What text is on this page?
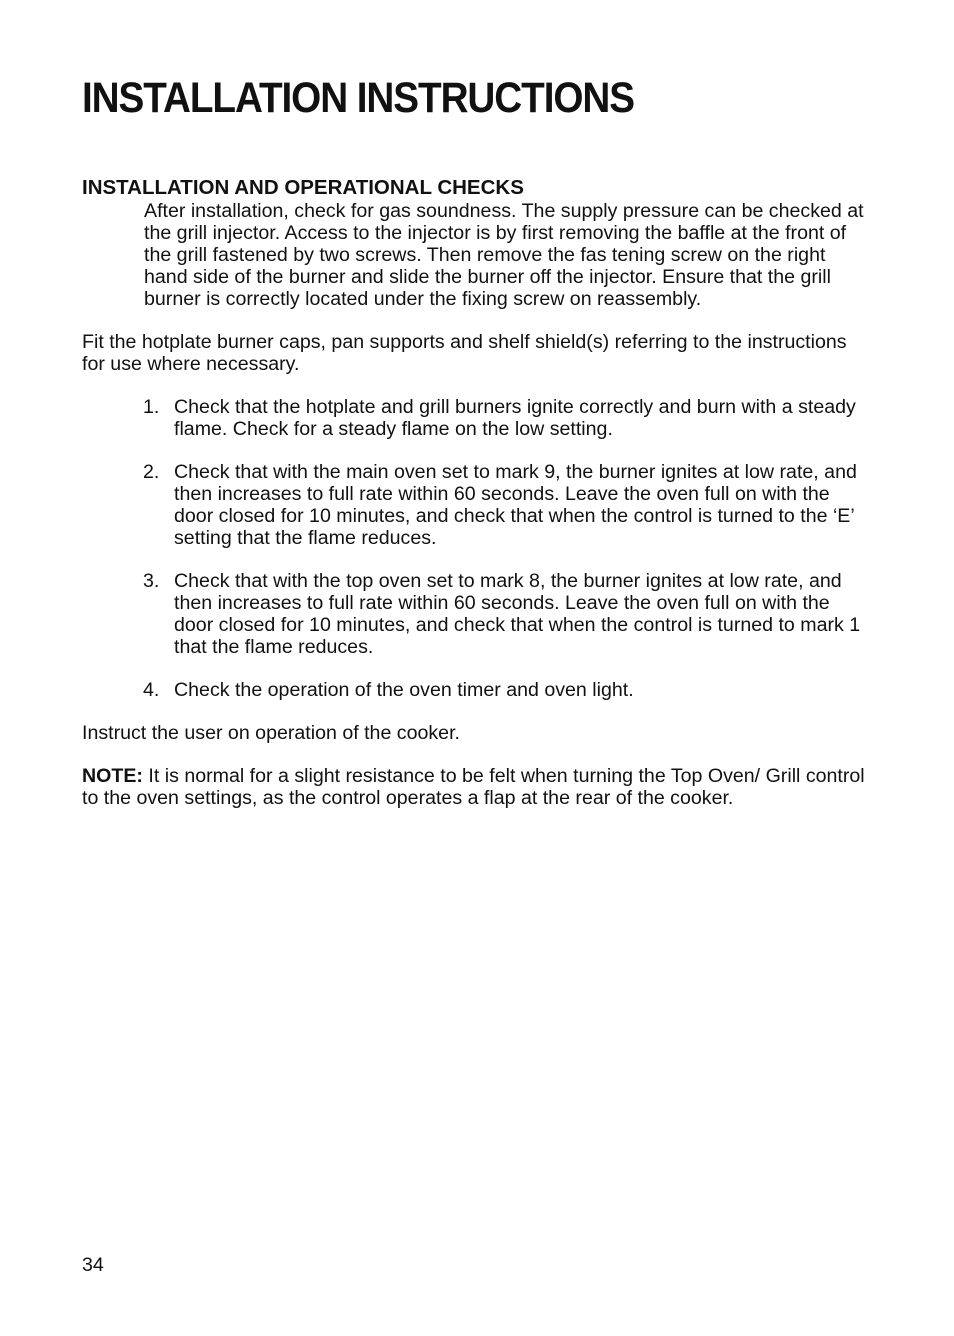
INSTALLATION INSTRUCTIONS
INSTALLATION AND OPERATIONAL CHECKS

After installation, check for gas soundness. The supply pressure can be checked at the grill injector. Access to the injector is by first removing the baffle at the front of the grill fastened by two screws. Then remove the fas tening screw on the right hand side of the burner and slide the burner off the injector. Ensure that the grill burner is correctly located under the fixing screw on reassembly.

Fit the hotplate burner caps, pan supports and shelf shield(s) referring to the instructions for use where necessary.

1. Check that the hotplate and grill burners ignite correctly and burn with a steady flame. Check for a steady flame on the low setting.
2. Check that with the main oven set to mark 9, the burner ignites at low rate, and then increases to full rate within 60 seconds. Leave the oven full on with the door closed for 10 minutes, and check that when the control is turned to the ‘E’ setting that the flame reduces.
3. Check that with the top oven set to mark 8, the burner ignites at low rate, and then increases to full rate within 60 seconds. Leave the oven full on with the door closed for 10 minutes, and check that when the control is turned to mark 1 that the flame reduces.
4. Check the operation of the oven timer and oven light.

Instruct the user on operation of the cooker.

NOTE: It is normal for a slight resistance to be felt when turning the Top Oven/ Grill control to the oven settings, as the control operates a flap at the rear of the cooker.

34
